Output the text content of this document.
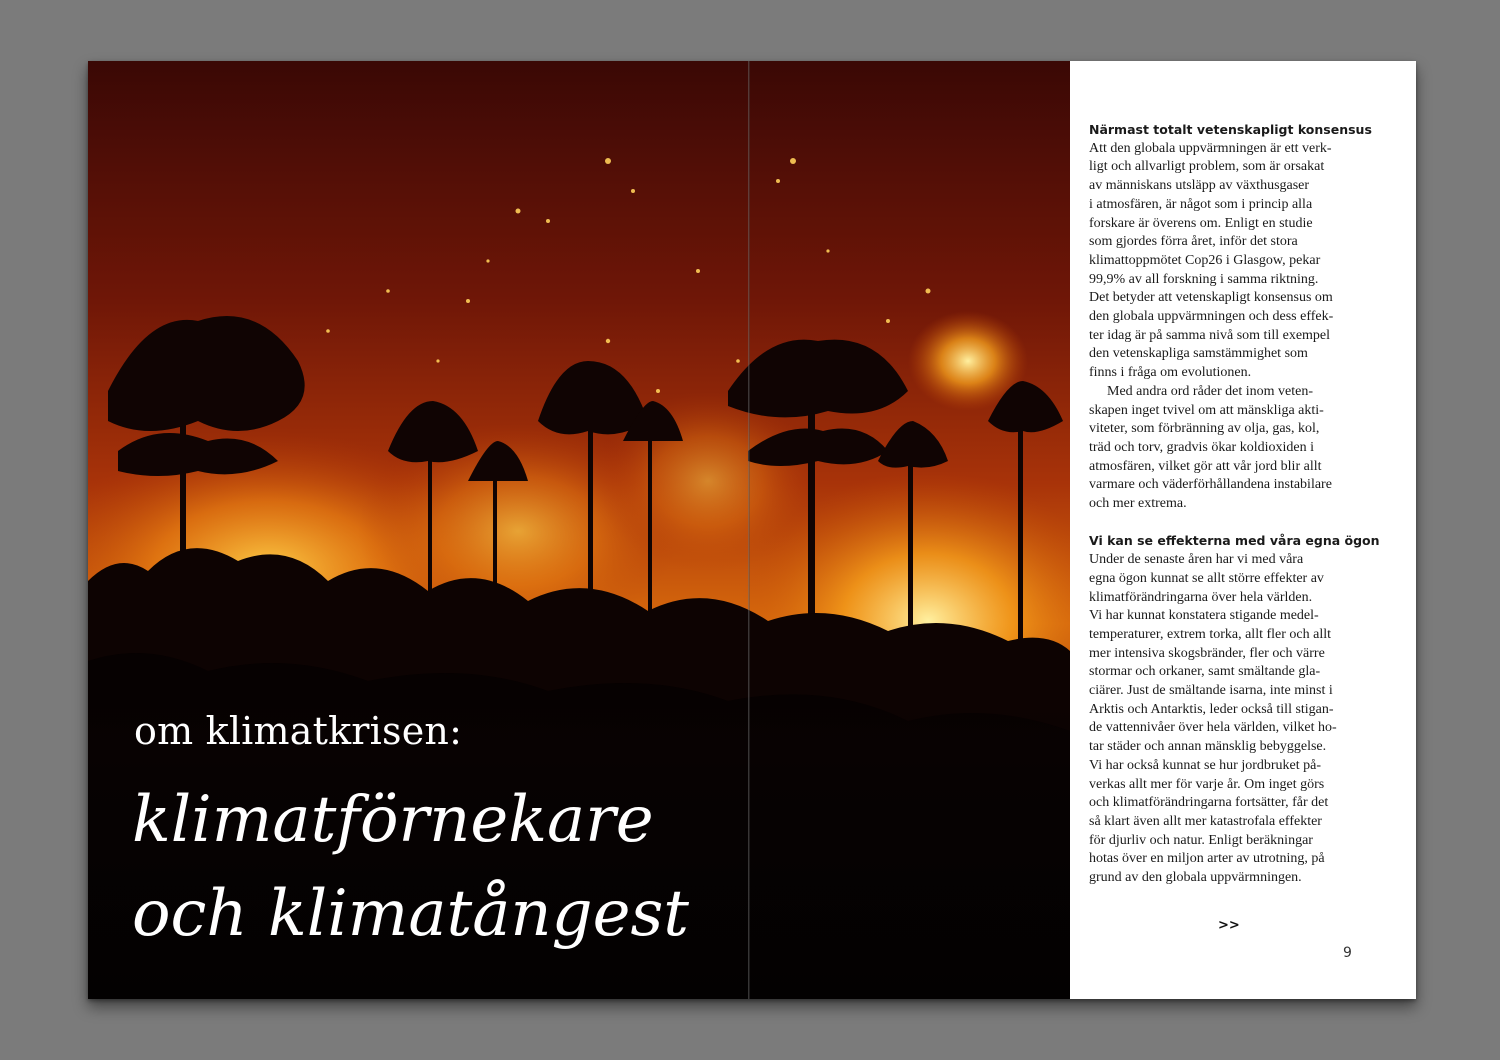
om klimatkrisen:
klimatförnekare
och klimatångest

Närmast totalt vetenskapligt konsensus

Att den globala uppvärmningen är ett verk-
ligt och allvarligt problem, som är orsakat
av människans utsläpp av växthusgaser
i atmosfären, är något som i princip alla
forskare är överens om. Enligt en studie
som gjordes förra året, inför det stora
klimattoppmötet Cop26 i Glasgow, pekar
99,9% av all forskning i samma riktning.
Det betyder att vetenskapligt konsensus om
den globala uppvärmningen och dess effek-
ter idag är på samma nivå som till exempel
den vetenskapliga samstämmighet som
finns i fråga om evolutionen.

Med andra ord råder det inom veten-
skapen inget tvivel om att mänskliga akti-
viteter, som förbränning av olja, gas, kol,
träd och torv, gradvis ökar koldioxiden i
atmosfären, vilket gör att vår jord blir allt
varmare och väderförhållandena instabilare
och mer extrema.

Vi kan se effekterna med våra egna ögon

Under de senaste åren har vi med våra
egna ögon kunnat se allt större effekter av
klimatförändringarna över hela världen.
Vi har kunnat konstatera stigande medel-
temperaturer, extrem torka, allt fler och allt
mer intensiva skogsbränder, fler och värre
stormar och orkaner, samt smältande gla-
ciärer. Just de smältande isarna, inte minst i
Arktis och Antarktis, leder också till stigan-
de vattennivåer över hela världen, vilket ho-
tar städer och annan mänsklig bebyggelse.
Vi har också kunnat se hur jordbruket på-
verkas allt mer för varje år. Om inget görs
och klimatförändringarna fortsätter, får det
så klart även allt mer katastrofala effekter
för djurliv och natur. Enligt beräkningar
hotas över en miljon arter av utrotning, på
grund av den globala uppvärmningen.

>>
9
